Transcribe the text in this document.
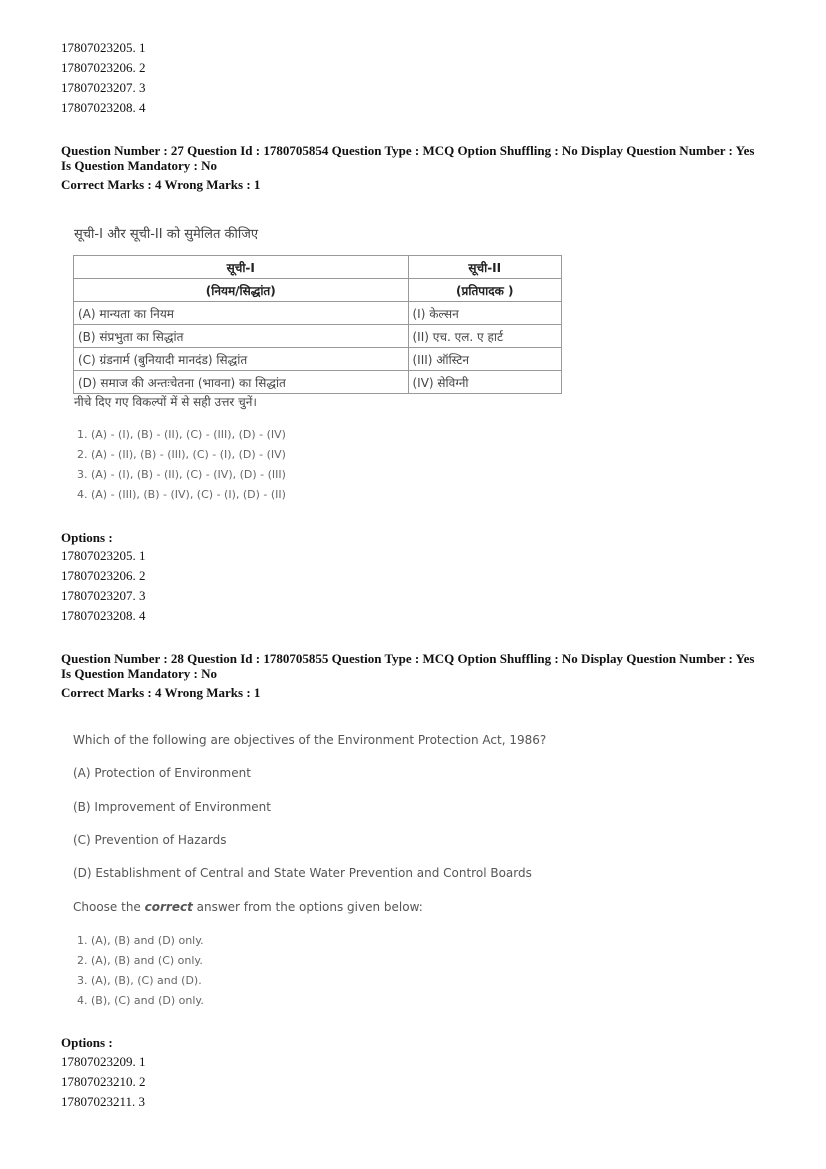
17807023205. 1
17807023206. 2
17807023207. 3
17807023208. 4
Question Number : 27 Question Id : 1780705854 Question Type : MCQ Option Shuffling : No Display Question Number : Yes
Is Question Mandatory : No
Correct Marks : 4 Wrong Marks : 1
सूची-I और सूची-II को सुमेलित कीजिए
सूची-I	सूची-II
(नियम/सिद्धांत)	(प्रतिपादक )
(A) मान्यता का नियम	(I) केल्सन
(B) संप्रभुता का सिद्धांत	(II) एच. एल. ए हार्ट
(C) ग्रंडनार्म (बुनियादी मानदंड) सिद्धांत	(III) ऑस्टिन
(D) समाज की अन्तःचेतना (भावना) का सिद्धांत	(IV) सेविग्नी
नीचे दिए गए विकल्पों में से सही उत्तर चुनें।
1. (A) - (I), (B) - (II), (C) - (III), (D) - (IV)
2. (A) - (II), (B) - (III), (C) - (I), (D) - (IV)
3. (A) - (I), (B) - (II), (C) - (IV), (D) - (III)
4. (A) - (III), (B) - (IV), (C) - (I), (D) - (II)
Options :
17807023205. 1
17807023206. 2
17807023207. 3
17807023208. 4
Question Number : 28 Question Id : 1780705855 Question Type : MCQ Option Shuffling : No Display Question Number : Yes
Is Question Mandatory : No
Correct Marks : 4 Wrong Marks : 1
Which of the following are objectives of the Environment Protection Act, 1986?
(A) Protection of Environment
(B) Improvement of Environment
(C) Prevention of Hazards
(D) Establishment of Central and State Water Prevention and Control Boards
Choose the correct answer from the options given below:
1. (A), (B) and (D) only.
2. (A), (B) and (C) only.
3. (A), (B), (C) and (D).
4. (B), (C) and (D) only.
Options :
17807023209. 1
17807023210. 2
17807023211. 3
